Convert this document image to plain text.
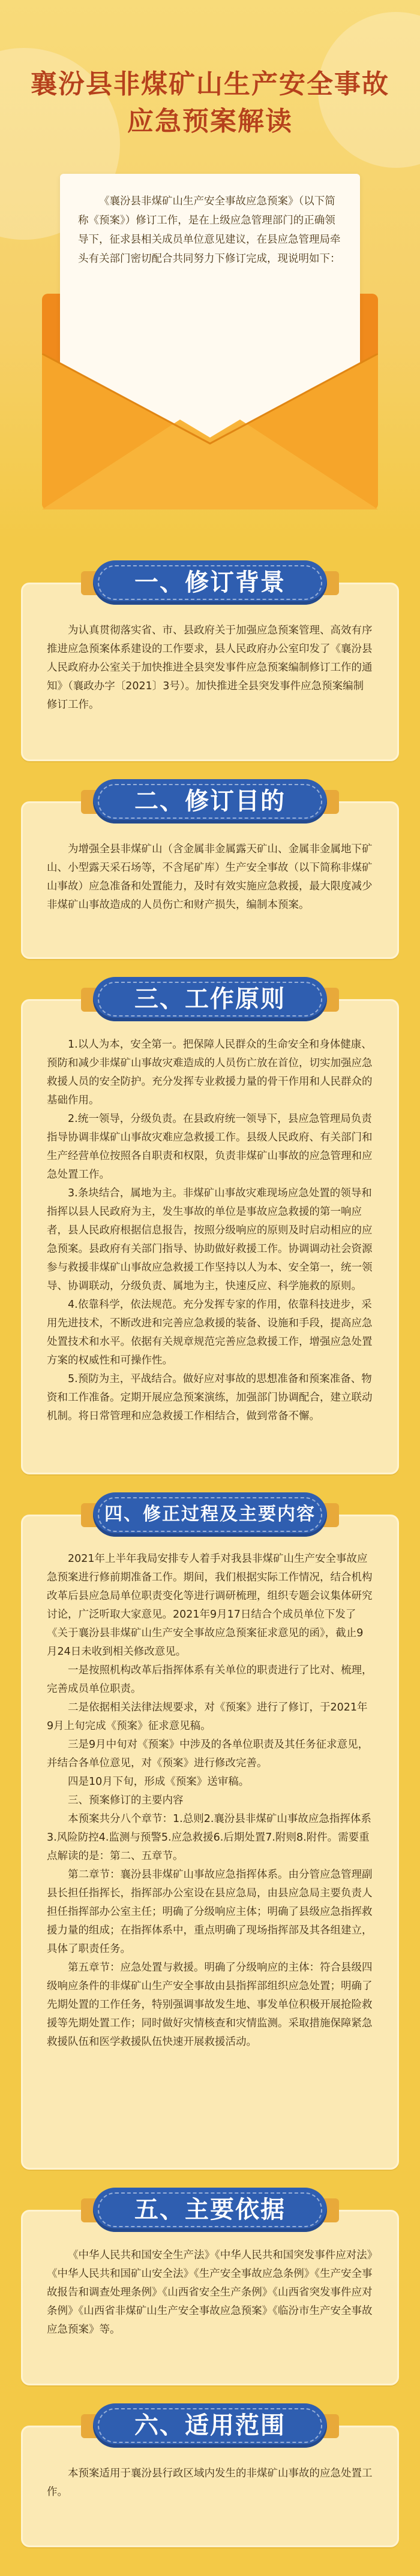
襄汾县非煤矿山生产安全事故
应急预案解读

《襄汾县非煤矿山生产安全事故应急预案》（以下简称《预案》）修订工作，是在上级应急管理部门的正确领导下，征求县相关成员单位意见建议，在县应急管理局牵头有关部门密切配合共同努力下修订完成，现说明如下：

为认真贯彻落实省、市、县政府关于加强应急预案管理、高效有序推进应急预案体系建设的工作要求，县人民政府办公室印发了《襄汾县人民政府办公室关于加快推进全县突发事件应急预案编制修订工作的通知》（襄政办字〔2021〕3号）。加快推进全县突发事件应急预案编制修订工作。

一、修订背景

为增强全县非煤矿山（含金属非金属露天矿山、金属非金属地下矿山、小型露天采石场等，不含尾矿库）生产安全事故（以下简称非煤矿山事故）应急准备和处置能力，及时有效实施应急救援，最大限度减少非煤矿山事故造成的人员伤亡和财产损失，编制本预案。

二、修订目的

1.以人为本，安全第一。把保障人民群众的生命安全和身体健康、预防和减少非煤矿山事故灾难造成的人员伤亡放在首位，切实加强应急救援人员的安全防护。充分发挥专业救援力量的骨干作用和人民群众的基础作用。

2.统一领导，分级负责。在县政府统一领导下，县应急管理局负责指导协调非煤矿山事故灾难应急救援工作。县级人民政府、有关部门和生产经营单位按照各自职责和权限，负责非煤矿山事故的应急管理和应急处置工作。

3.条块结合，属地为主。非煤矿山事故灾难现场应急处置的领导和指挥以县人民政府为主，发生事故的单位是事故应急救援的第一响应者，县人民政府根据信息报告，按照分级响应的原则及时启动相应的应急预案。县政府有关部门指导、协助做好救援工作。协调调动社会资源参与救援非煤矿山事故应急救援工作坚持以人为本、安全第一，统一领导、协调联动，分级负责、属地为主，快速反应、科学施救的原则。

4.依靠科学，依法规范。充分发挥专家的作用，依靠科技进步，采用先进技术，不断改进和完善应急救援的装备、设施和手段，提高应急处置技术和水平。依据有关规章规范完善应急救援工作，增强应急处置方案的权威性和可操作性。

5.预防为主，平战结合。做好应对事故的思想准备和预案准备、物资和工作准备。定期开展应急预案演练，加强部门协调配合，建立联动机制。将日常管理和应急救援工作相结合，做到常备不懈。

三、工作原则

2021年上半年我局安排专人着手对我县非煤矿山生产安全事故应急预案进行修前期准备工作。期间，我们根据实际工作情况，结合机构改革后县应急局单位职责变化等进行调研梳理，组织专题会议集体研究讨论，广泛听取大家意见。2021年9月17日结合个成员单位下发了《关于襄汾县非煤矿山生产安全事故应急预案征求意见的函》，截止9月24日未收到相关修改意见。

一是按照机构改革后指挥体系有关单位的职责进行了比对、梳理，完善成员单位职责。

二是依据相关法律法规要求，对《预案》进行了修订，于2021年9月上旬完成《预案》征求意见稿。

三是9月中旬对《预案》中涉及的各单位职责及其任务征求意见，并结合各单位意见，对《预案》进行修改完善。

四是10月下旬，形成《预案》送审稿。

三、预案修订的主要内容

本预案共分八个章节：1.总则2.襄汾县非煤矿山事故应急指挥体系3.风险防控4.监测与预警5.应急救援6.后期处置7.附则8.附件。需要重点解读的是：第二、五章节。

第二章节：襄汾县非煤矿山事故应急指挥体系。由分管应急管理副县长担任指挥长，指挥部办公室设在县应急局，由县应急局主要负责人担任指挥部办公室主任；明确了分级响应主体；明确了县级应急指挥救援力量的组成；在指挥体系中，重点明确了现场指挥部及其各组建立，具体了职责任务。

第五章节：应急处置与救援。明确了分级响应的主体：符合县级四级响应条件的非煤矿山生产安全事故由县指挥部组织应急处置；明确了先期处置的工作任务，特别强调事故发生地、事发单位积极开展抢险救援等先期处置工作；同时做好灾情核查和灾情监测。采取措施保障紧急救援队伍和医学救援队伍快速开展救援活动。

四、修正过程及主要内容

《中华人民共和国安全生产法》《中华人民共和国突发事件应对法》《中华人民共和国矿山安全法》《生产安全事故应急条例》《生产安全事故报告和调查处理条例》《山西省安全生产条例》《山西省突发事件应对条例》《山西省非煤矿山生产安全事故应急预案》《临汾市生产安全事故应急预案》等。

五、主要依据

本预案适用于襄汾县行政区域内发生的非煤矿山事故的应急处置工作。

六、适用范围
